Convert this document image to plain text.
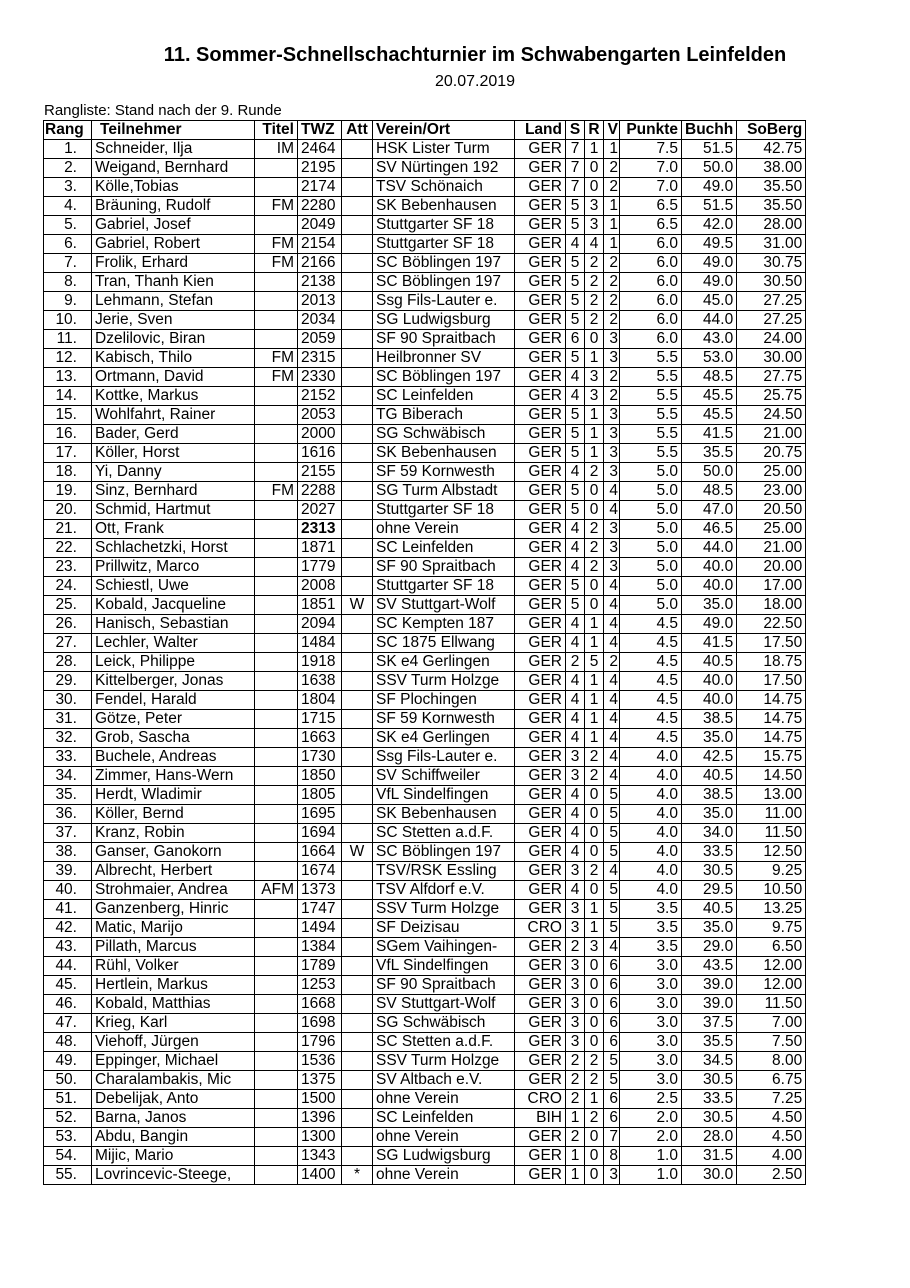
11. Sommer-Schnellschachturnier im Schwabengarten Leinfelden
20.07.2019
Rangliste: Stand nach der 9. Runde
Rang	Teilnehmer	Titel	TWZ	Att	Verein/Ort	Land	S	R	V	Punkte	Buchh	SoBerg
1.	Schneider, Ilja	IM	2464		HSK Lister Turm	GER	7	1	1	7.5	51.5	42.75
2.	Weigand, Bernhard		2195		SV Nürtingen 192	GER	7	0	2	7.0	50.0	38.00
3.	Kölle,Tobias		2174		TSV Schönaich	GER	7	0	2	7.0	49.0	35.50
4.	Bräuning, Rudolf	FM	2280		SK Bebenhausen	GER	5	3	1	6.5	51.5	35.50
5.	Gabriel, Josef		2049		Stuttgarter SF 18	GER	5	3	1	6.5	42.0	28.00
6.	Gabriel, Robert	FM	2154		Stuttgarter SF 18	GER	4	4	1	6.0	49.5	31.00
7.	Frolik, Erhard	FM	2166		SC Böblingen 197	GER	5	2	2	6.0	49.0	30.75
8.	Tran, Thanh Kien		2138		SC Böblingen 197	GER	5	2	2	6.0	49.0	30.50
9.	Lehmann, Stefan		2013		Ssg Fils-Lauter e.	GER	5	2	2	6.0	45.0	27.25
10.	Jerie, Sven		2034		SG Ludwigsburg	GER	5	2	2	6.0	44.0	27.25
11.	Dzelilovic, Biran		2059		SF 90 Spraitbach	GER	6	0	3	6.0	43.0	24.00
12.	Kabisch, Thilo	FM	2315		Heilbronner SV	GER	5	1	3	5.5	53.0	30.00
13.	Ortmann, David	FM	2330		SC Böblingen 197	GER	4	3	2	5.5	48.5	27.75
14.	Kottke, Markus		2152		SC Leinfelden	GER	4	3	2	5.5	45.5	25.75
15.	Wohlfahrt, Rainer		2053		TG Biberach	GER	5	1	3	5.5	45.5	24.50
16.	Bader, Gerd		2000		SG Schwäbisch	GER	5	1	3	5.5	41.5	21.00
17.	Köller, Horst		1616		SK Bebenhausen	GER	5	1	3	5.5	35.5	20.75
18.	Yi, Danny		2155		SF 59 Kornwesth	GER	4	2	3	5.0	50.0	25.00
19.	Sinz, Bernhard	FM	2288		SG Turm Albstadt	GER	5	0	4	5.0	48.5	23.00
20.	Schmid, Hartmut		2027		Stuttgarter SF 18	GER	5	0	4	5.0	47.0	20.50
21.	Ott, Frank		2313		ohne Verein	GER	4	2	3	5.0	46.5	25.00
22.	Schlachetzki, Horst		1871		SC Leinfelden	GER	4	2	3	5.0	44.0	21.00
23.	Prillwitz, Marco		1779		SF 90 Spraitbach	GER	4	2	3	5.0	40.0	20.00
24.	Schiestl, Uwe		2008		Stuttgarter SF 18	GER	5	0	4	5.0	40.0	17.00
25.	Kobald, Jacqueline		1851	W	SV Stuttgart-Wolf	GER	5	0	4	5.0	35.0	18.00
26.	Hanisch, Sebastian		2094		SC Kempten 187	GER	4	1	4	4.5	49.0	22.50
27.	Lechler, Walter		1484		SC 1875 Ellwang	GER	4	1	4	4.5	41.5	17.50
28.	Leick, Philippe		1918		SK e4 Gerlingen	GER	2	5	2	4.5	40.5	18.75
29.	Kittelberger, Jonas		1638		SSV Turm Holzge	GER	4	1	4	4.5	40.0	17.50
30.	Fendel, Harald		1804		SF Plochingen	GER	4	1	4	4.5	40.0	14.75
31.	Götze, Peter		1715		SF 59 Kornwesth	GER	4	1	4	4.5	38.5	14.75
32.	Grob, Sascha		1663		SK e4 Gerlingen	GER	4	1	4	4.5	35.0	14.75
33.	Buchele, Andreas		1730		Ssg Fils-Lauter e.	GER	3	2	4	4.0	42.5	15.75
34.	Zimmer, Hans-Wern		1850		SV Schiffweiler	GER	3	2	4	4.0	40.5	14.50
35.	Herdt, Wladimir		1805		VfL Sindelfingen	GER	4	0	5	4.0	38.5	13.00
36.	Köller, Bernd		1695		SK Bebenhausen	GER	4	0	5	4.0	35.0	11.00
37.	Kranz, Robin		1694		SC Stetten a.d.F.	GER	4	0	5	4.0	34.0	11.50
38.	Ganser, Ganokorn		1664	W	SC Böblingen 197	GER	4	0	5	4.0	33.5	12.50
39.	Albrecht, Herbert		1674		TSV/RSK Essling	GER	3	2	4	4.0	30.5	9.25
40.	Strohmaier, Andrea	AFM	1373		TSV Alfdorf e.V.	GER	4	0	5	4.0	29.5	10.50
41.	Ganzenberg, Hinric		1747		SSV Turm Holzge	GER	3	1	5	3.5	40.5	13.25
42.	Matic, Marijo		1494		SF Deizisau	CRO	3	1	5	3.5	35.0	9.75
43.	Pillath, Marcus		1384		SGem Vaihingen-	GER	2	3	4	3.5	29.0	6.50
44.	Rühl, Volker		1789		VfL Sindelfingen	GER	3	0	6	3.0	43.5	12.00
45.	Hertlein, Markus		1253		SF 90 Spraitbach	GER	3	0	6	3.0	39.0	12.00
46.	Kobald, Matthias		1668		SV Stuttgart-Wolf	GER	3	0	6	3.0	39.0	11.50
47.	Krieg, Karl		1698		SG Schwäbisch	GER	3	0	6	3.0	37.5	7.00
48.	Viehoff, Jürgen		1796		SC Stetten a.d.F.	GER	3	0	6	3.0	35.5	7.50
49.	Eppinger, Michael		1536		SSV Turm Holzge	GER	2	2	5	3.0	34.5	8.00
50.	Charalambakis, Mic		1375		SV Altbach e.V.	GER	2	2	5	3.0	30.5	6.75
51.	Debelijak, Anto		1500		ohne Verein	CRO	2	1	6	2.5	33.5	7.25
52.	Barna, Janos		1396		SC Leinfelden	BIH	1	2	6	2.0	30.5	4.50
53.	Abdu, Bangin		1300		ohne Verein	GER	2	0	7	2.0	28.0	4.50
54.	Mijic, Mario		1343		SG Ludwigsburg	GER	1	0	8	1.0	31.5	4.00
55.	Lovrincevic-Steege,		1400	*	ohne Verein	GER	1	0	3	1.0	30.0	2.50
